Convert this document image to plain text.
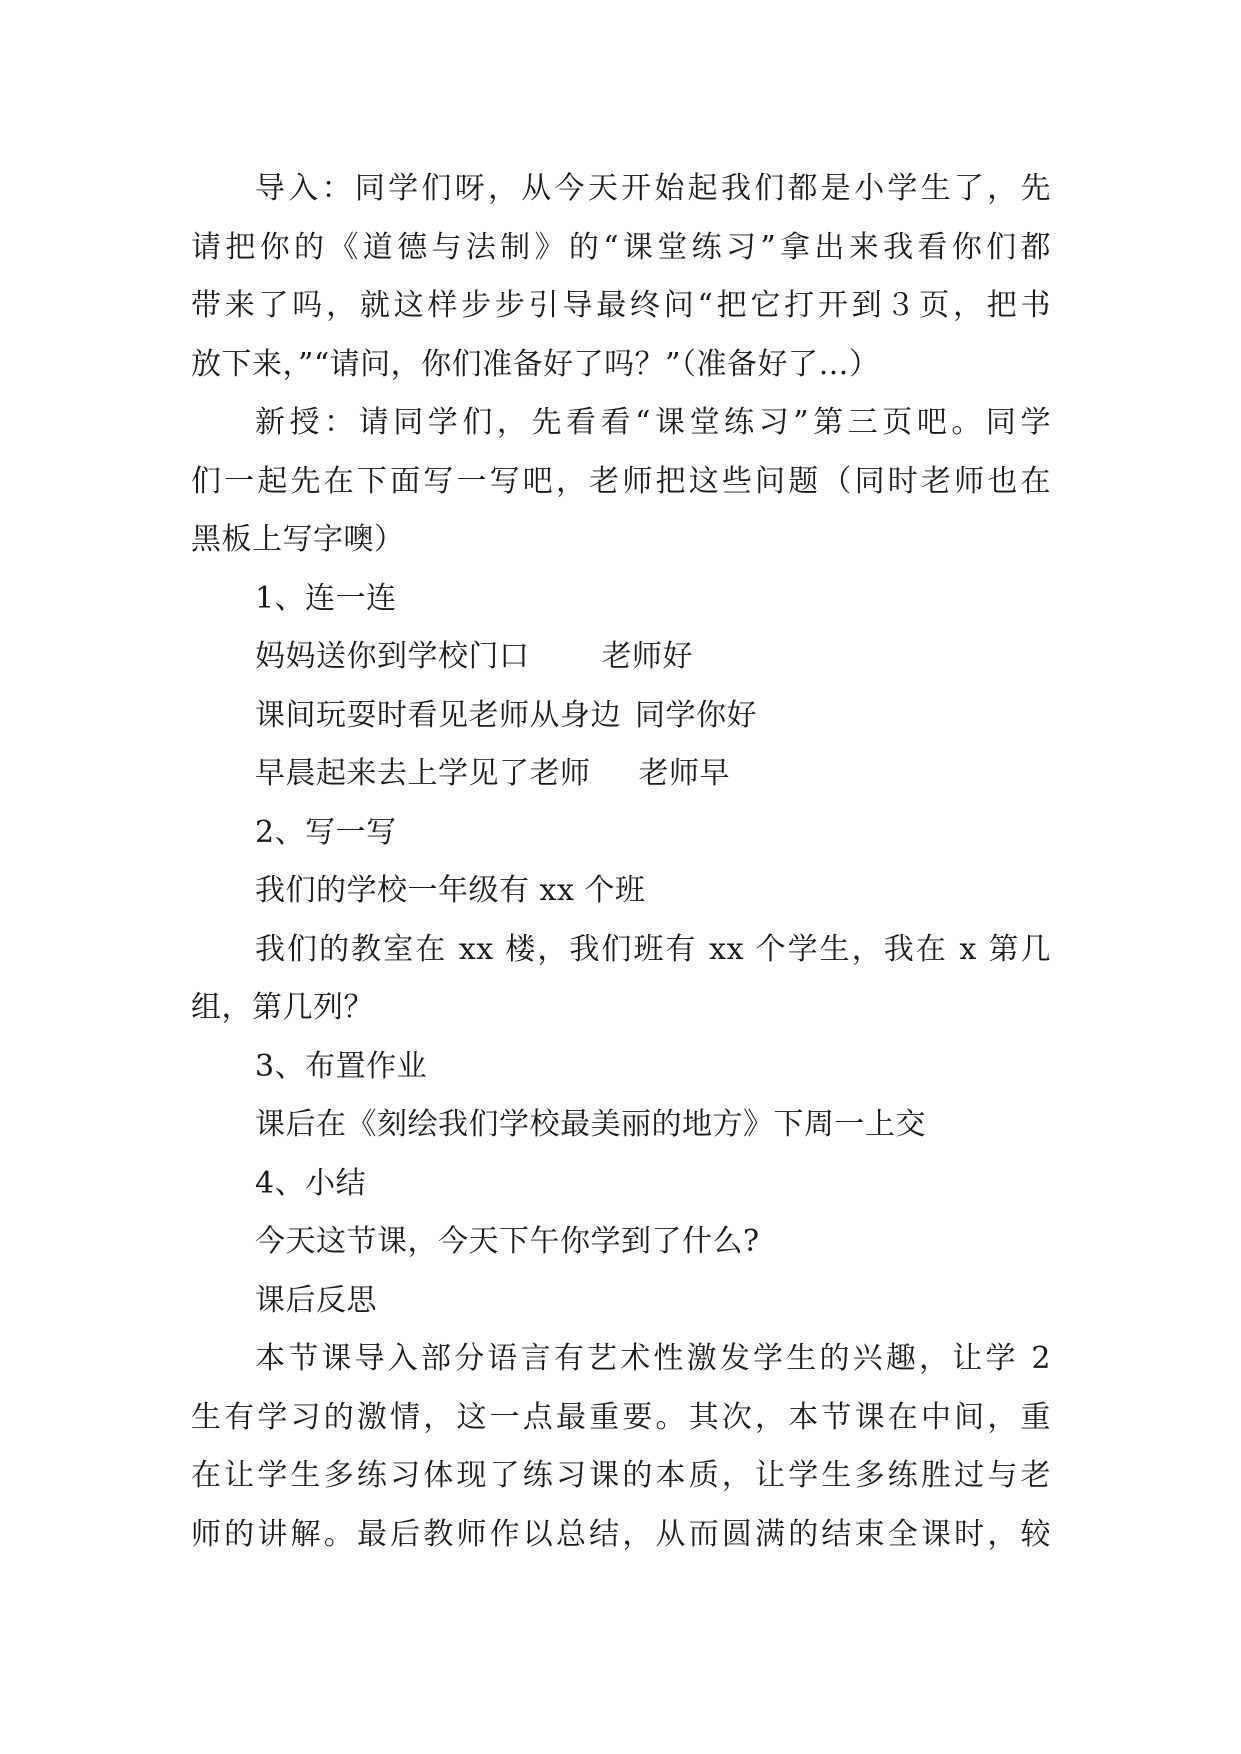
导入：同学们呀，从今天开始起我们都是小学生了，先
请把你的《道德与法制》的“课堂练习”拿出来我看你们都
带来了吗，就这样步步引导最终问“把它打开到３页，把书
放下来，”“请问，你们准备好了吗？”（准备好了…）
新授：请同学们，先看看“课堂练习”第三页吧。同学
们一起先在下面写一写吧，老师把这些问题（同时老师也在
黑板上写字噢）
1、连一连
妈妈送你到学校门口 老师好
课间玩耍时看见老师从身边 同学你好
早晨起来去上学见了老师 老师早
2、写一写
我们的学校一年级有 xx 个班
我们的教室在 xx 楼，我们班有 xx 个学生，我在 x 第几
组，第几列？
3、布置作业
课后在《刻绘我们学校最美丽的地方》下周一上交
4、小结
今天这节课，今天下午你学到了什么?
课后反思
本节课导入部分语言有艺术性激发学生的兴趣，让学 2
生有学习的激情，这一点最重要。其次，本节课在中间，重
在让学生多练习体现了练习课的本质，让学生多练胜过与老
师的讲解。最后教师作以总结，从而圆满的结束全课时，较
